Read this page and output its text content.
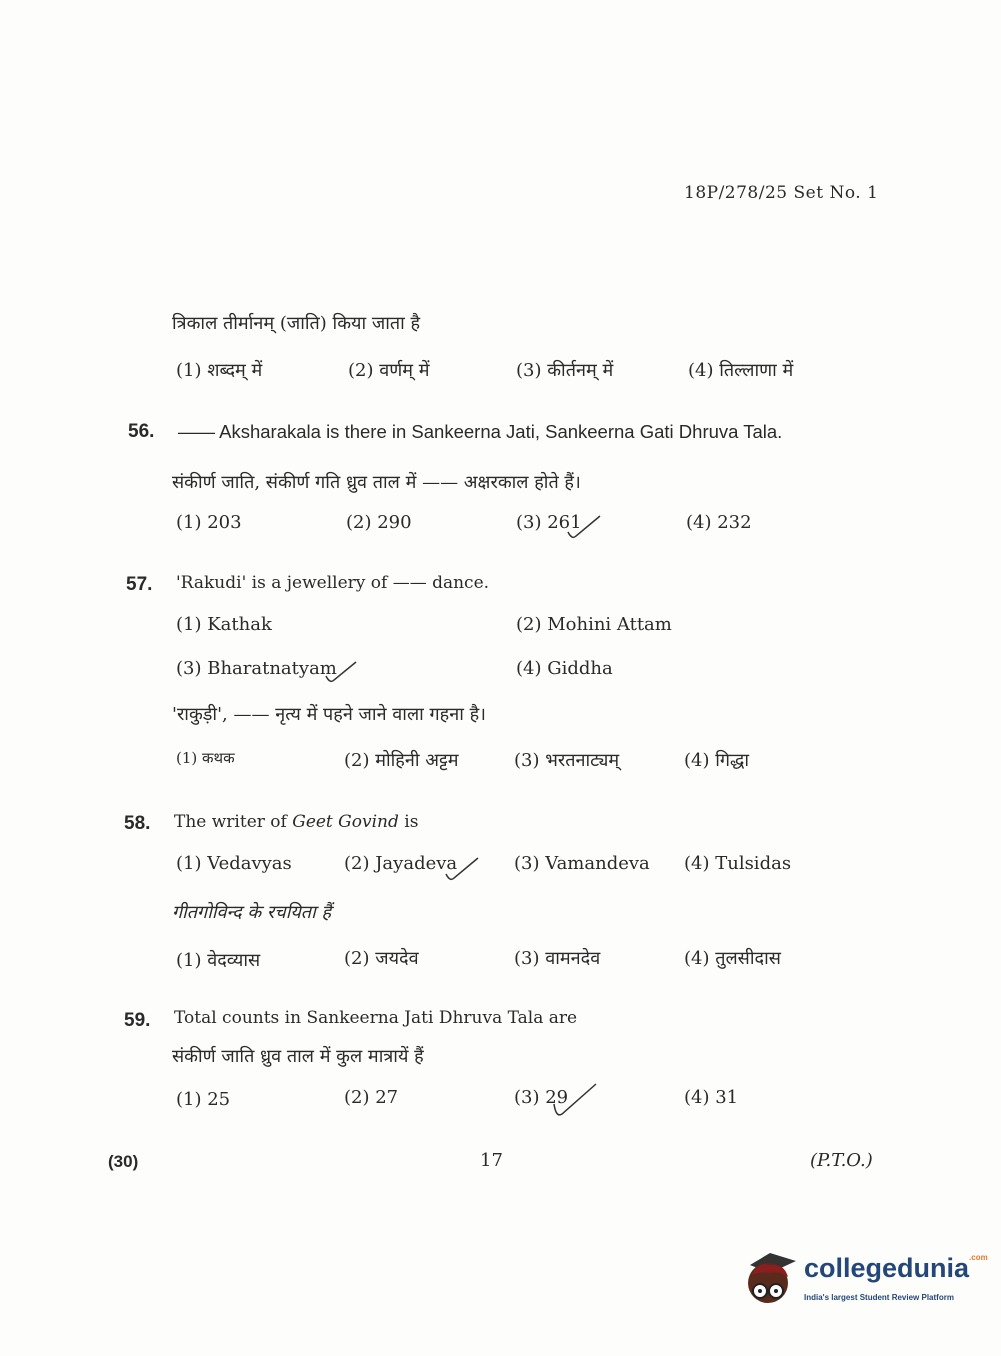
18P/278/25 Set No. 1
त्रिकाल तीर्मानम् (जाति) किया जाता है
(1) शब्दम् में	(2) वर्णम् में	(3) कीर्तनम् में	(4) तिल्लाणा में
56. —— Aksharakala is there in Sankeerna Jati, Sankeerna Gati Dhruva Tala.
संकीर्ण जाति, संकीर्ण गति ध्रुव ताल में —— अक्षरकाल होते हैं।
(1) 203	(2) 290	(3) 261	(4) 232
57. 'Rakudi' is a jewellery of —— dance.
(1) Kathak	(2) Mohini Attam
(3) Bharatnatyam	(4) Giddha
'राकुड़ी', —— नृत्य में पहने जाने वाला गहना है।
(1) कथक	(2) मोहिनी अट्टम	(3) भरतनाट्यम्	(4) गिद्धा
58. The writer of Geet Govind is
(1) Vedavyas	(2) Jayadeva	(3) Vamandeva (4) Tulsidas
गीतगोविन्द के रचयिता हैं
(1) वेदव्यास	(2) जयदेव	(3) वामनदेव	(4) तुलसीदास
59. Total counts in Sankeerna Jati Dhruva Tala are
संकीर्ण जाति ध्रुव ताल में कुल मात्रायें हैं
(1) 25	(2) 27	(3) 29	(4) 31
(30)	17	(P.T.O.)
collegedunia$^{.com}$
India's largest Student Review Platform
